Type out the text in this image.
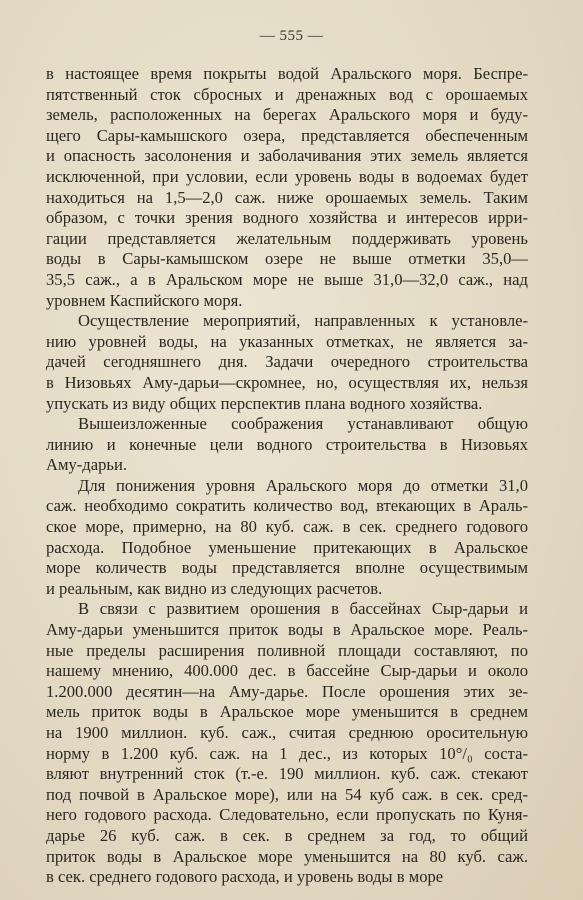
— 555 —

в настоящее время покрыты водой Аральского моря. Беспре-
пятственный сток сбросных и дренажных вод с орошаемых
земель, расположенных на берегах Аральского моря и буду-
щего Сары-камышского озера, представляется обеспеченным
и опасность засолонения и заболачивания этих земель является
исключенной, при условии, если уровень воды в водоемах будет
находиться на 1,5—2,0 саж. ниже орошаемых земель. Таким
образом, с точки зрения водного хозяйства и интересов ирри-
гации представляется желательным поддерживать уровень
воды в Сары-камышском озере не выше отметки 35,0—
35,5 саж., а в Аральском море не выше 31,0—32,0 саж., над
уровнем Каспийского моря.

Осуществление мероприятий, направленных к установле-
нию уровней воды, на указанных отметках, не является за-
дачей сегодняшнего дня. Задачи очередного строительства
в Низовьях Аму-дарьи—скромнее, но, осуществляя их, нельзя
упускать из виду общих перспектив плана водного хозяйства.

Вышеизложенные соображения устанавливают общую
линию и конечные цели водного строительства в Низовьях
Аму-дарьи.

Для понижения уровня Аральского моря до отметки 31,0
саж. необходимо сократить количество вод, втекающих в Араль-
ское море, примерно, на 80 куб. саж. в сек. среднего годового
расхода. Подобное уменьшение притекающих в Аральское
море количеств воды представляется вполне осуществимым
и реальным, как видно из следующих расчетов.

В связи с развитием орошения в бассейнах Сыр-дарьи и
Аму-дарьи уменьшится приток воды в Аральское море. Реаль-
ные пределы расширения поливной площади составляют, по
нашему мнению, 400.000 дес. в бассейне Сыр-дарьи и около
1.200.000 десятин—на Аму-дарье. После орошения этих зе-
мель приток воды в Аральское море уменьшится в среднем
на 1900 миллион. куб. саж., считая среднюю оросительную
норму в 1.200 куб. саж. на 1 дес., из которых 10°/₀ соста-
вляют внутренний сток (т.-е. 190 миллион. куб. саж. стекают
под почвой в Аральское море), или на 54 куб саж. в сек. сред-
него годового расхода. Следовательно, если пропускать по Куня-
дарье 26 куб. саж. в сек. в среднем за год, то общий
приток воды в Аральское море уменьшится на 80 куб. саж.
в сек. среднего годового расхода, и уровень воды в море
